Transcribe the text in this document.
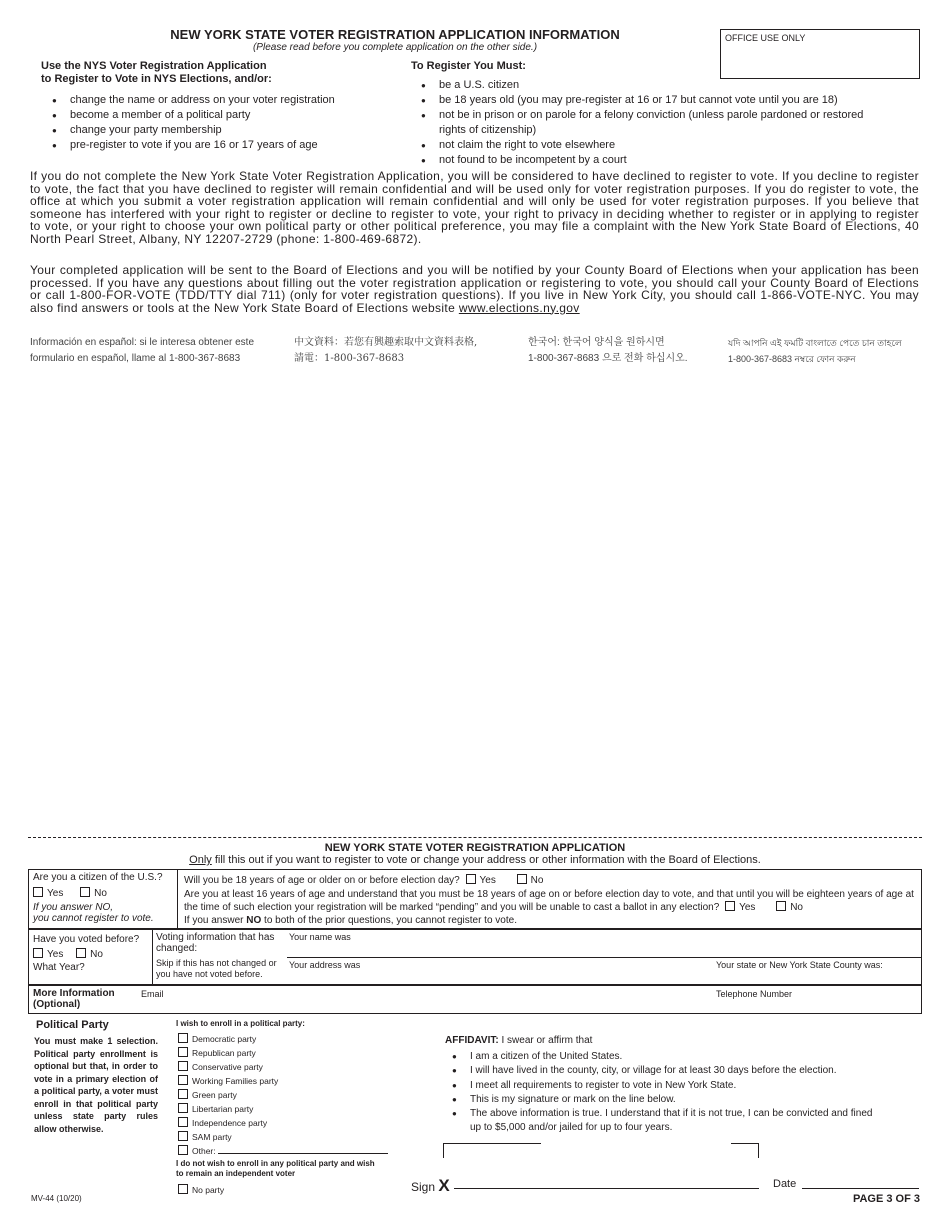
NEW YORK STATE VOTER REGISTRATION APPLICATION INFORMATION
(Please read before you complete application on the other side.)
OFFICE USE ONLY
Use the NYS Voter Registration Application
to Register to Vote in NYS Elections, and/or:
● change the name or address on your voter registration
● become a member of a political party
● change your party membership
● pre-register to vote if you are 16 or 17 years of age
To Register You Must:
● be a U.S. citizen
● be 18 years old (you may pre-register at 16 or 17 but cannot vote until you are 18)
● not be in prison or on parole for a felony conviction (unless parole pardoned or restored rights of citizenship)
● not claim the right to vote elsewhere
● not found to be incompetent by a court
If you do not complete the New York State Voter Registration Application, you will be considered to have declined to register to vote. If you decline to register to vote, the fact that you have declined to register will remain confidential and will be used only for voter registration purposes. If you do register to vote, the office at which you submit a voter registration application will remain confidential and will only be used for voter registration purposes. If you believe that someone has interfered with your right to register or decline to register to vote, your right to privacy in deciding whether to register or in applying to register to vote, or your right to choose your own political party or other political preference, you may file a complaint with the New York State Board of Elections, 40 North Pearl Street, Albany, NY 12207-2729 (phone: 1-800-469-6872).
Your completed application will be sent to the Board of Elections and you will be notified by your County Board of Elections when your application has been processed. If you have any questions about filling out the voter registration application or registering to vote, you should call your County Board of Elections or call 1-800-FOR-VOTE (TDD/TTY dial 711) (only for voter registration questions). If you live in New York City, you should call 1-866-VOTE-NYC. You may also find answers or tools at the New York State Board of Elections website www.elections.ny.gov
Información en español: si le interesa obtener este
formulario en español, llame al 1-800-367-8683
中文資料：若您有興趣索取中文資料表格,
請電：1-800-367-8683
한국어: 한국어 양식을 원하시면
1-800-367-8683 으로 전화 하십시오.
যদি আপনি এই ফমটি বাংলাতে পেতে চান তাহলে
1-800-367-8683 নম্বরে ফোন করুন
NEW YORK STATE VOTER REGISTRATION APPLICATION
Only fill this out if you want to register to vote or change your address or other information with the Board of Elections.
Are you a citizen of the U.S.?
Yes	No
If you answer NO,
you cannot register to vote.
Will you be 18 years of age or older on or before election day? Yes	No
Are you at least 16 years of age and understand that you must be 18 years of age on or before election day to vote, and that until you will be eighteen years of age at the time of such election your registration will be marked “pending” and you will be unable to cast a ballot in any election? Yes	No
If you answer NO to both of the prior questions, you cannot register to vote.
Have you voted before?
Yes	No
What Year?
Voting information that has changed:
Skip if this has not changed or you have not voted before.
Your name was
Your address was	Your state or New York State County was:
More Information
(Optional)
Email	Telephone Number
Political Party
You must make 1 selection. Political party enrollment is optional but that, in order to vote in a primary election of a political party, a voter must enroll in that political party unless state party rules allow otherwise.
I wish to enroll in a political party:
Democratic party
Republican party
Conservative party
Working Families party
Green party
Libertarian party
Independence party
SAM party
Other:
I do not wish to enroll in any political party and wish
to remain an independent voter
No party
AFFIDAVIT: I swear or affirm that
● I am a citizen of the United States.
● I will have lived in the county, city, or village for at least 30 days before the election.
● I meet all requirements to register to vote in New York State.
● This is my signature or mark on the line below.
● The above information is true. I understand that if it is not true, I can be convicted and fined up to $5,000 and/or jailed for up to four years.
Sign X	Date
MV-44 (10/20)	PAGE 3 OF 3
